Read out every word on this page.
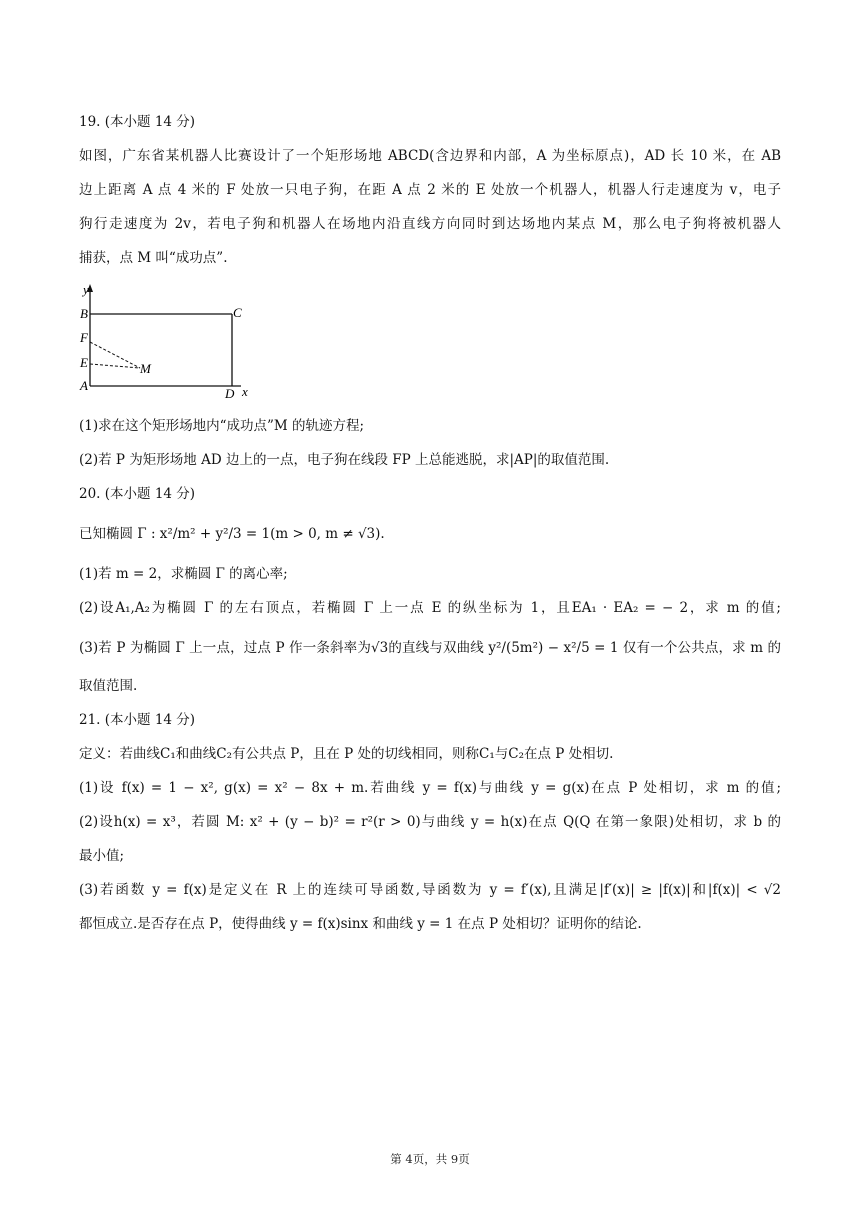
19. (本小题 14 分)
如图，广东省某机器人比赛设计了一个矩形场地 ABCD(含边界和内部，A 为坐标原点)，AD 长 10 米，在 AB
边上距离 A 点 4 米的 F 处放一只电子狗，在距 A 点 2 米的 E 处放一个机器人，机器人行走速度为 v，电子
狗行走速度为 2v，若电子狗和机器人在场地内沿直线方向同时到达场地内某点 M，那么电子狗将被机器人
捕获，点 M 叫“成功点”.
y
x
B	C
F
E	M
A
D
(1)求在这个矩形场地内“成功点”M 的轨迹方程;
(2)若 P 为矩形场地 AD 边上的一点，电子狗在线段 FP 上总能逃脱，求|AP|的取值范围.
20. (本小题 14 分)
已知椭圆 Γ : x²/m² + y²/3 = 1(m > 0, m ≠ √3).
(1)若 m = 2，求椭圆 Γ 的离心率;
(2)设A₁,A₂为椭圆 Γ 的左右顶点，若椭圆 Γ 上一点 E 的纵坐标为 1，且EA₁ · EA₂ = − 2，求 m 的值;
(3)若 P 为椭圆 Γ 上一点，过点 P 作一条斜率为√3的直线与双曲线 y²/(5m²) − x²/5 = 1 仅有一个公共点，求 m 的
取值范围.
21. (本小题 14 分)
定义：若曲线C₁和曲线C₂有公共点 P，且在 P 处的切线相同，则称C₁与C₂在点 P 处相切.
(1)设 f(x) = 1 − x², g(x) = x² − 8x + m.若曲线 y = f(x)与曲线 y = g(x)在点 P 处相切，求 m 的值;
(2)设h(x) = x³，若圆 M: x² + (y − b)² = r²(r > 0)与曲线 y = h(x)在点 Q(Q 在第一象限)处相切，求 b 的
最小值;
(3)若函数 y = f(x)是定义在 R 上的连续可导函数,导函数为 y = f′(x),且满足|f′(x)| ≥ |f(x)|和|f(x)| < √2
都恒成立.是否存在点 P，使得曲线 y = f(x)sinx 和曲线 y = 1 在点 P 处相切？证明你的结论.
第 4页，共 9页
